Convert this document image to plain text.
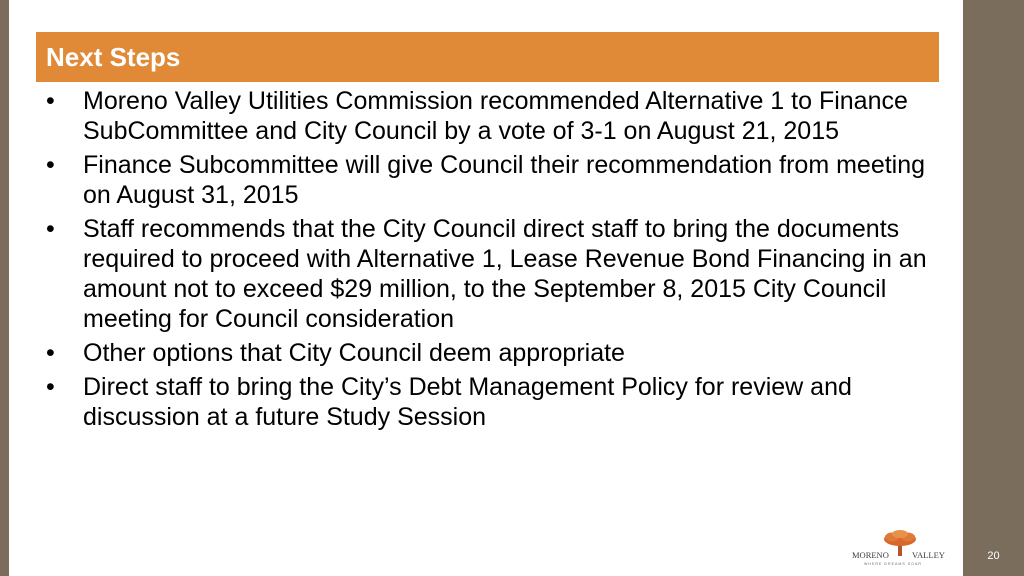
Next Steps
• Moreno Valley Utilities Commission recommended Alternative 1 to Finance SubCommittee and City Council by a vote of 3-1 on August 21, 2015
• Finance Subcommittee will give Council their recommendation from meeting on August 31, 2015
• Staff recommends that the City Council direct staff to bring the documents required to proceed with Alternative 1, Lease Revenue Bond Financing in an amount not to exceed $29 million, to the September 8, 2015 City Council meeting for Council consideration
• Other options that City Council deem appropriate
• Direct staff to bring the City’s Debt Management Policy for review and discussion at a future Study Session
MORENO	VALLEY
WHERE DREAMS SOAR
20
